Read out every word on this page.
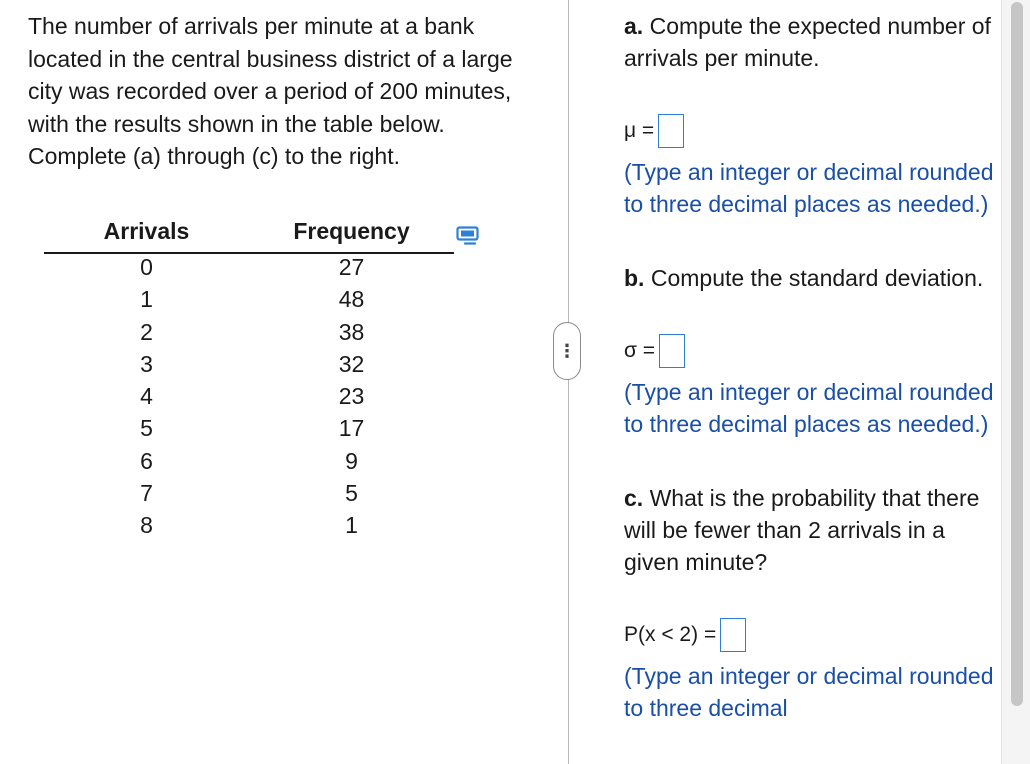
The number of arrivals per minute at a bank located in the central business district of a large city was recorded over a period of 200 minutes, with the results shown in the table below. Complete (a) through (c) to the right.

Arrivals	Frequency
0	27
1	48
2	38
3	32
4	23
5	17
6	9
7	5
8	1
⋮

a. Compute the expected number of arrivals per minute.

μ =

(Type an integer or decimal rounded to three decimal places as needed.)

b. Compute the standard deviation.

σ =

(Type an integer or decimal rounded to three decimal places as needed.)

c. What is the probability that there will be fewer than 2 arrivals in a given minute?

P(x < 2) =

(Type an integer or decimal rounded to three decimal
